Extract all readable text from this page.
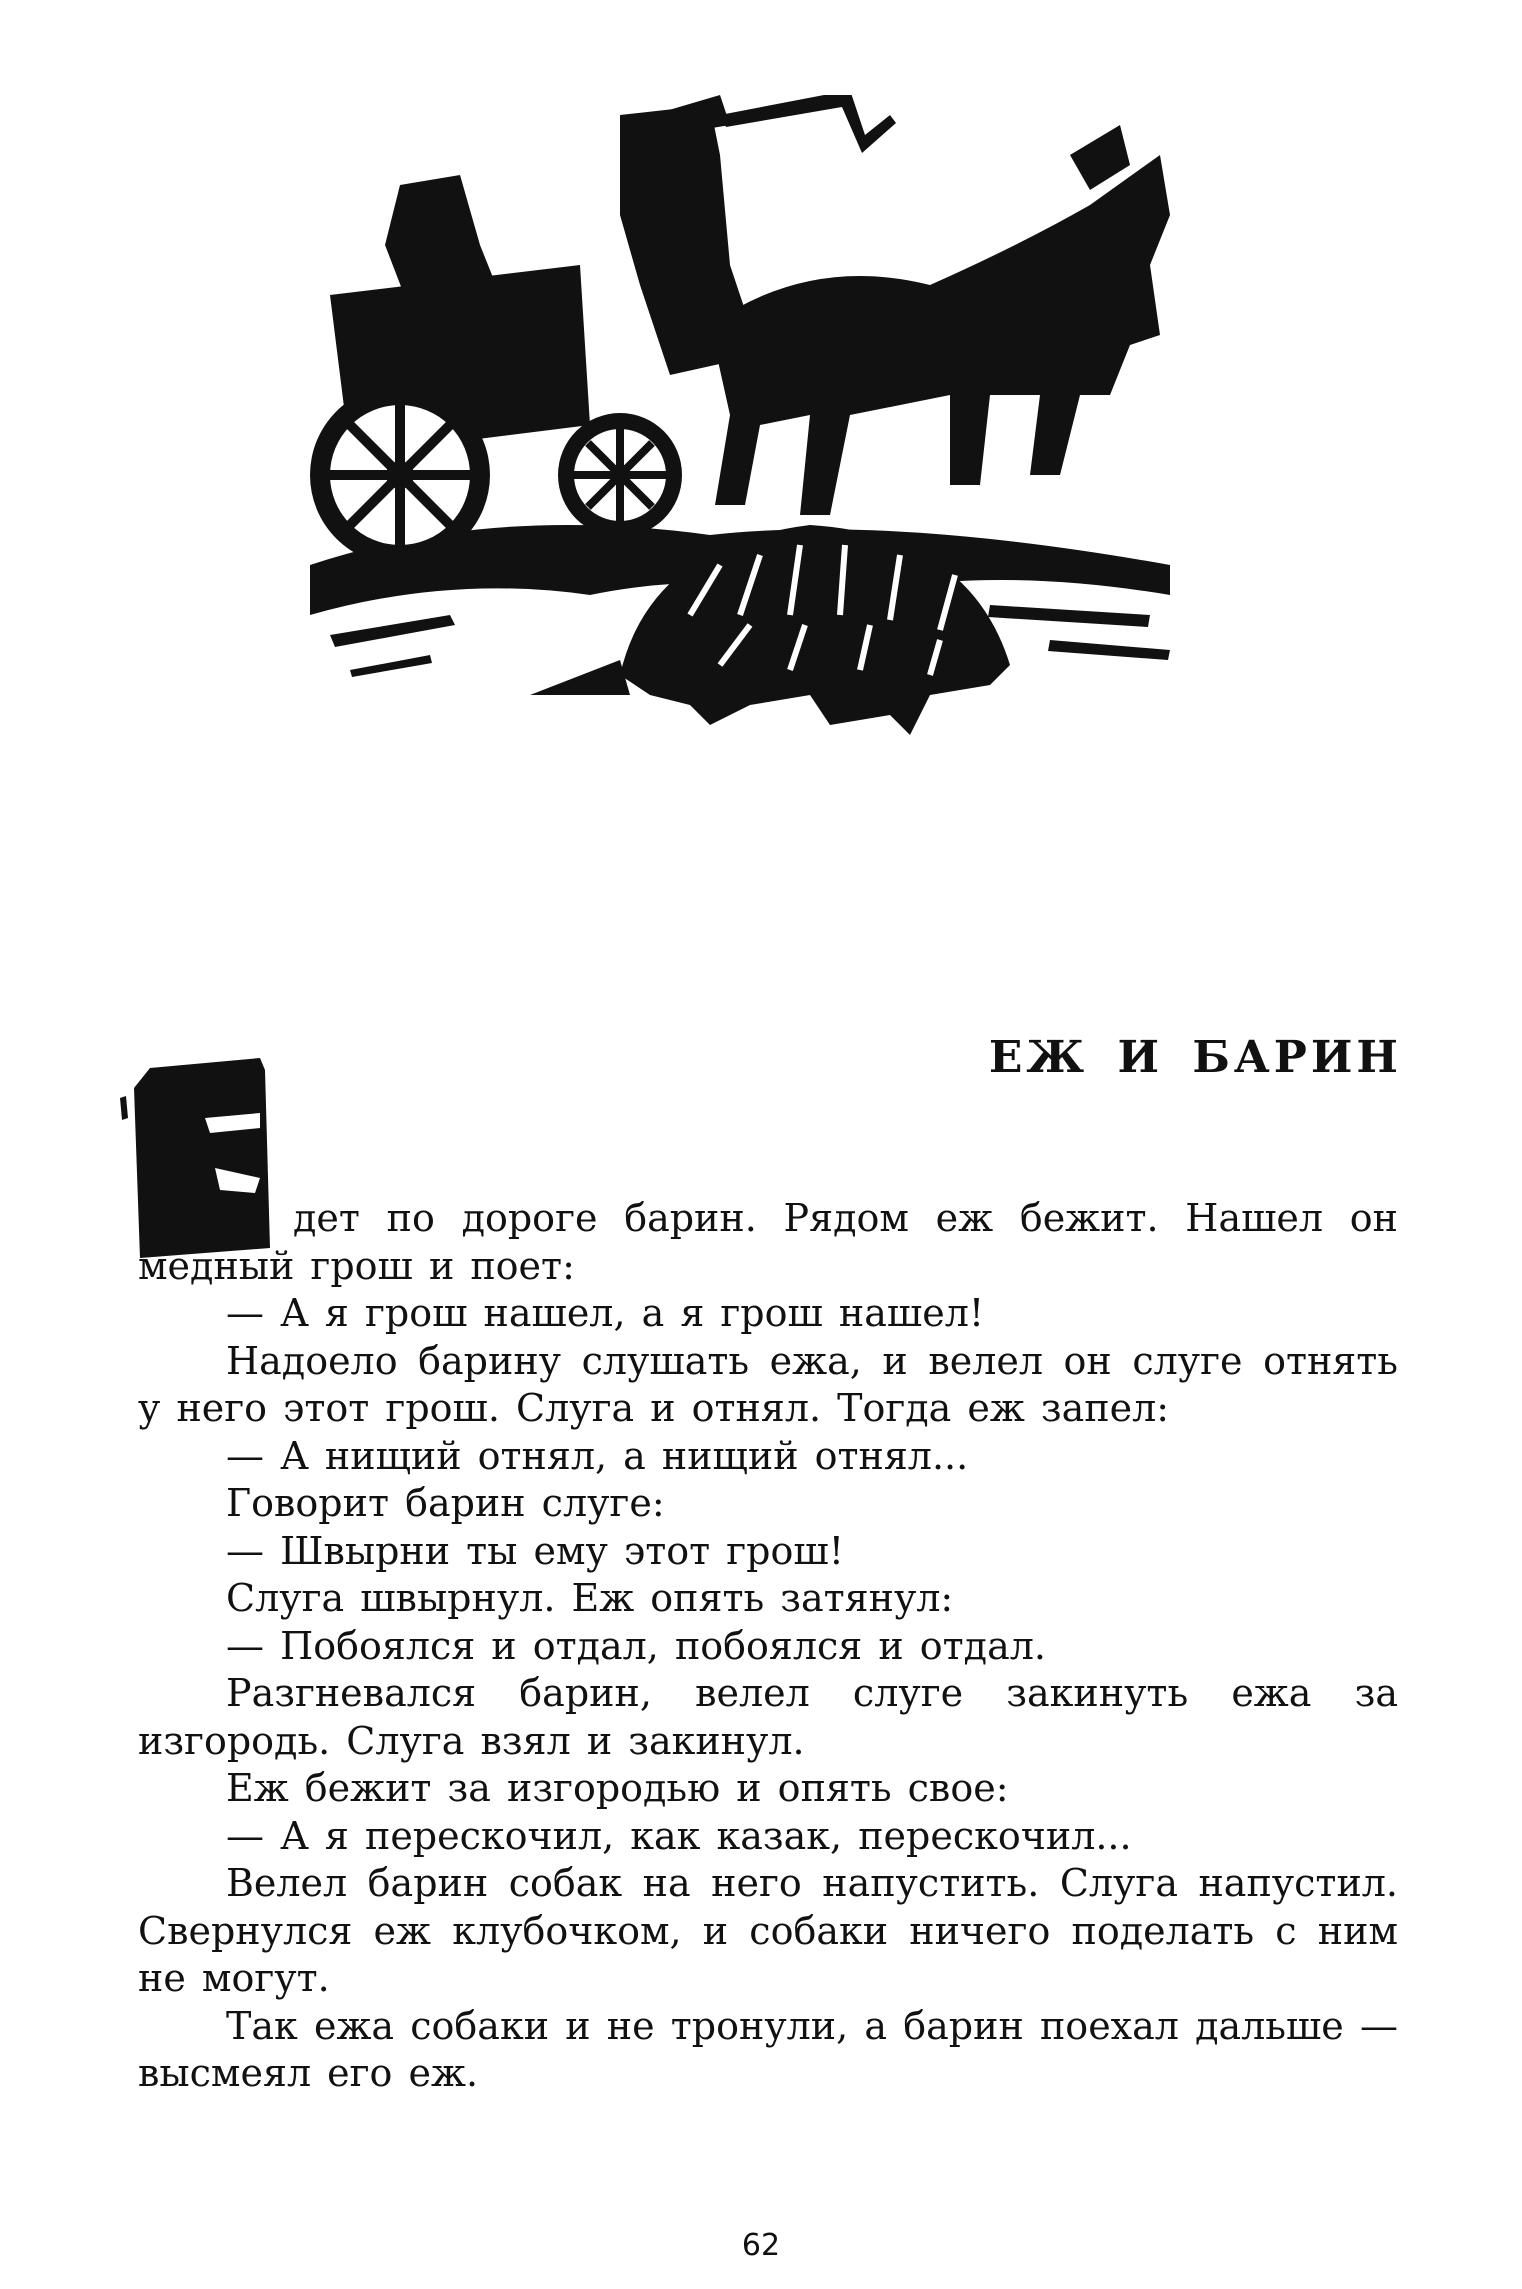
ЕЖ И БАРИН
Е	дет по дороге барин. Рядом еж бежит. Нашел он медный грош и поет:

— А я грош нашел, а я грош нашел!

Надоело барину слушать ежа, и велел он слуге отнять у него этот грош. Слуга и отнял. Тогда еж запел:

— А нищий отнял, а нищий отнял...

Говорит барин слуге:

— Швырни ты ему этот грош!

Слуга швырнул. Еж опять затянул:

— Побоялся и отдал, побоялся и отдал.

Разгневался барин, велел слуге закинуть ежа за изгородь. Слуга взял и закинул.

Еж бежит за изгородью и опять свое:

— А я перескочил, как казак, перескочил...

Велел барин собак на него напустить. Слуга напустил. Свернулся еж клубочком, и собаки ничего поделать с ним не могут.

Так ежа собаки и не тронули, а барин поехал дальше — высмеял его еж.

62
